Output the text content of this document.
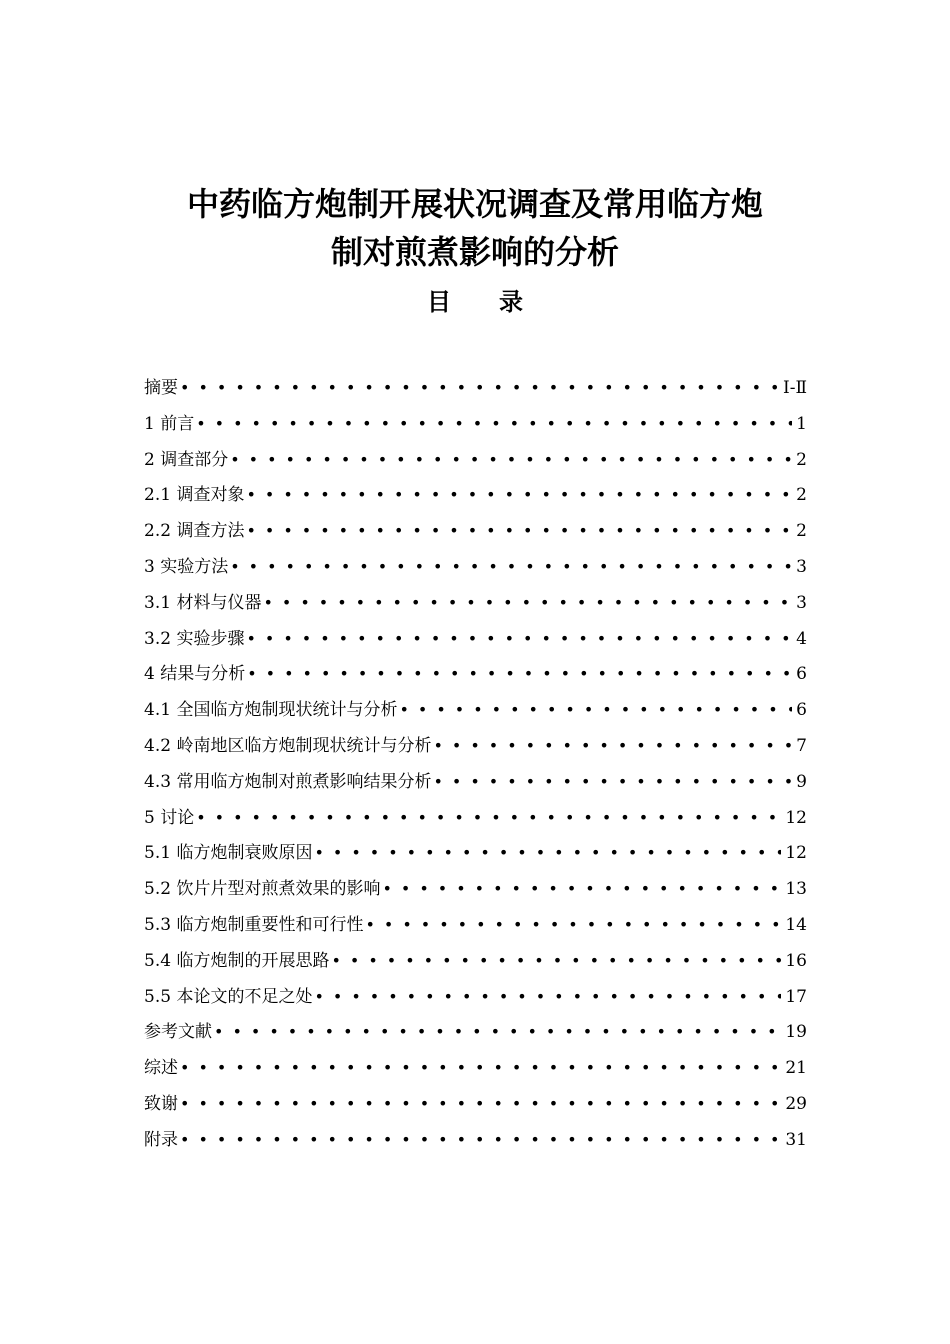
中药临方炮制开展状况调查及常用临方炮
制对煎煮影响的分析
目 录
摘要 •••••	Ⅰ-Ⅱ
1 前言 •••••	1
2 调查部分 •••••	2
2.1 调查对象 •••••	2
2.2 调查方法 •••••	2
3 实验方法 •••••	3
3.1 材料与仪器 •••••	3
3.2 实验步骤 •••••	4
4 结果与分析 •••••	6
4.1 全国临方炮制现状统计与分析 •••••	6
4.2 岭南地区临方炮制现状统计与分析 •••••	7
4.3 常用临方炮制对煎煮影响结果分析 •••••	9
5 讨论 •••••	12
5.1 临方炮制衰败原因 •••••	12
5.2 饮片片型对煎煮效果的影响 •••••	13
5.3 临方炮制重要性和可行性 •••••	14
5.4 临方炮制的开展思路 •••••	16
5.5 本论文的不足之处 •••••	17
参考文献 •••••	19
综述 •••••	21
致谢 •••••	29
附录 •••••	31
